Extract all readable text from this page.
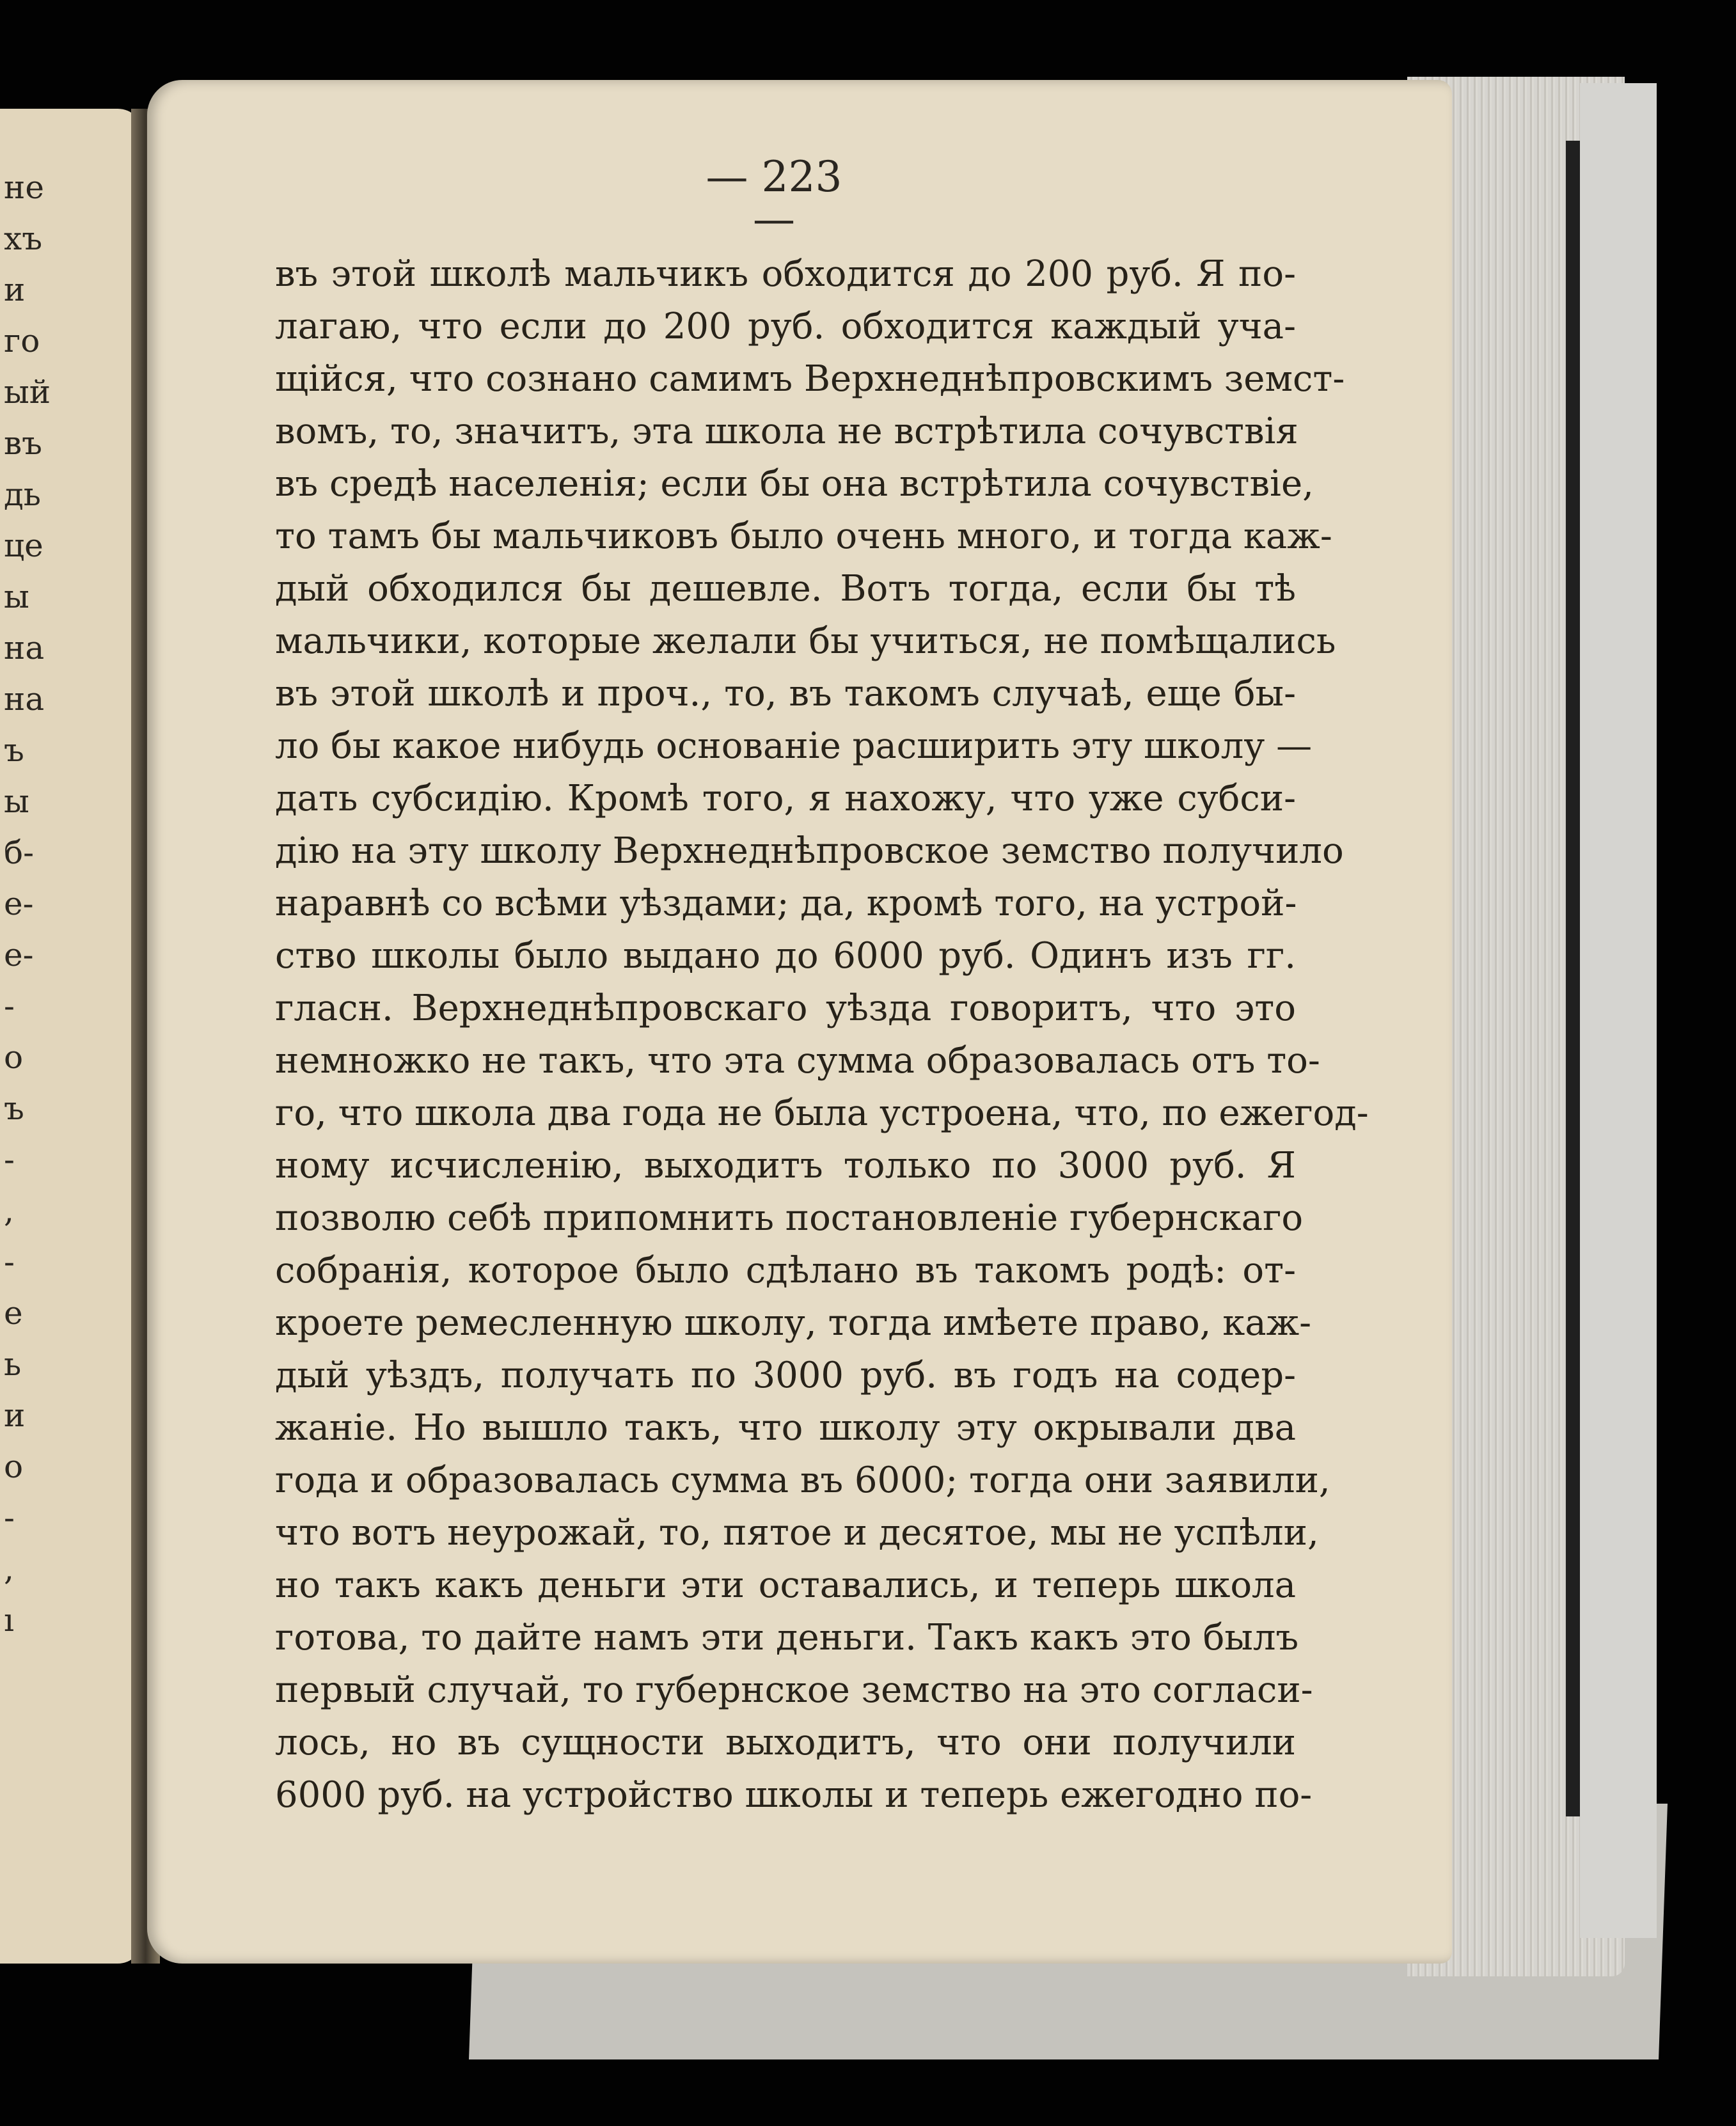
не
хъ
и
го
ый
въ
дь
це
ы
на
на
ъ
ы
б-
е-
е-
-
о
ъ
-
,
-
е
ь
и
о
-
,
ı
— 223 —
въ этой школѣ мальчикъ обходится до 200 руб. Я по-
лагаю, что если до 200 руб. обходится каждый уча-
щійся, что сознано самимъ Верхнеднѣпровскимъ земст-
вомъ, то, значитъ, эта школа не встрѣтила сочувствія
въ средѣ населенія; если бы она встрѣтила сочувствіе,
то тамъ бы мальчиковъ было очень много, и тогда каж-
дый обходился бы дешевле. Вотъ тогда, если бы тѣ
мальчики, которые желали бы учиться, не помѣщались
въ этой школѣ и проч., то, въ такомъ случаѣ, еще бы-
ло бы какое нибудь основаніе расширить эту школу —
дать субсидію. Кромѣ того, я нахожу, что уже субси-
дію на эту школу Верхнеднѣпровское земство получило
наравнѣ со всѣми уѣздами; да, кромѣ того, на устрой-
ство школы было выдано до 6000 руб. Одинъ изъ гг.
гласн. Верхнеднѣпровскаго уѣзда говоритъ, что это
немножко не такъ, что эта сумма образовалась отъ то-
го, что школа два года не была устроена, что, по ежегод-
ному исчисленію, выходитъ только по 3000 руб. Я
позволю себѣ припомнить постановленіе губернскаго
собранія, которое было сдѣлано въ такомъ родѣ: от-
кроете ремесленную школу, тогда имѣете право, каж-
дый уѣздъ, получать по 3000 руб. въ годъ на содер-
жаніе. Но вышло такъ, что школу эту окрывали два
года и образовалась сумма въ 6000; тогда они заявили,
что вотъ неурожай, то, пятое и десятое, мы не успѣли,
но такъ какъ деньги эти оставались, и теперь школа
готова, то дайте намъ эти деньги. Такъ какъ это былъ
первый случай, то губернское земство на это согласи-
лось, но въ сущности выходитъ, что они получили
6000 руб. на устройство школы и теперь ежегодно по-
